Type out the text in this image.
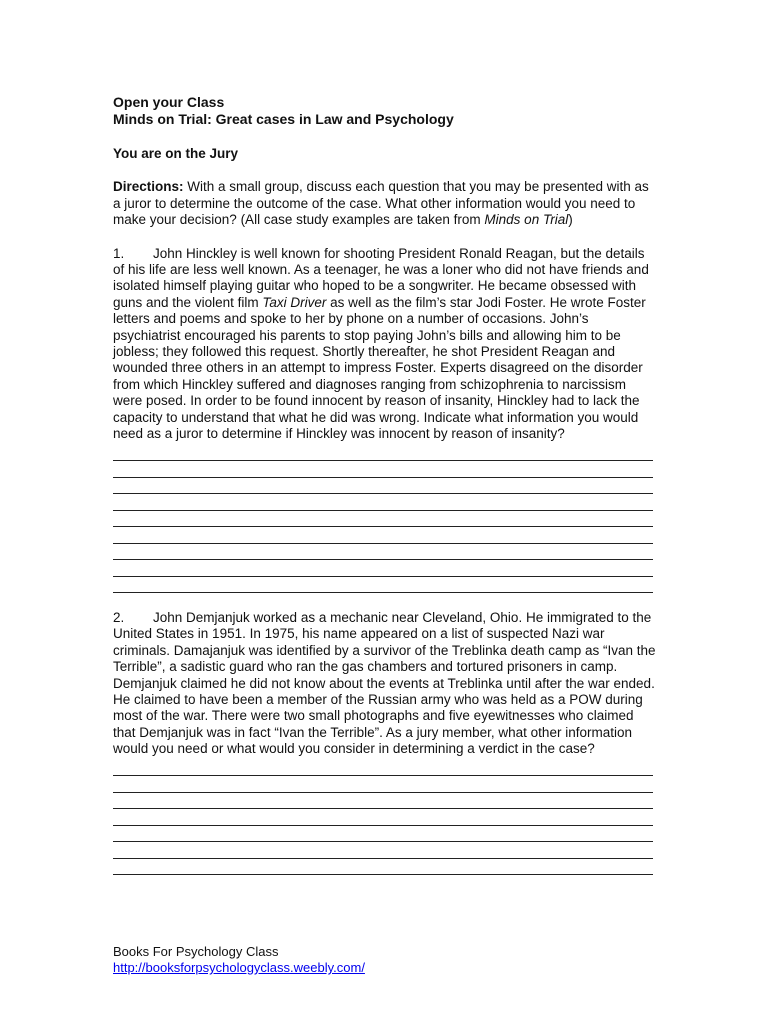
Open your Class
Minds on Trial: Great cases in Law and Psychology
You are on the Jury
Directions: With a small group, discuss each question that you may be presented with as a juror to determine the outcome of the case. What other information would you need to make your decision? (All case study examples are taken from Minds on Trial)
1. John Hinckley is well known for shooting President Ronald Reagan, but the details of his life are less well known. As a teenager, he was a loner who did not have friends and isolated himself playing guitar who hoped to be a songwriter. He became obsessed with guns and the violent film Taxi Driver as well as the film’s star Jodi Foster. He wrote Foster letters and poems and spoke to her by phone on a number of occasions. John’s psychiatrist encouraged his parents to stop paying John’s bills and allowing him to be jobless; they followed this request. Shortly thereafter, he shot President Reagan and wounded three others in an attempt to impress Foster. Experts disagreed on the disorder from which Hinckley suffered and diagnoses ranging from schizophrenia to narcissism were posed. In order to be found innocent by reason of insanity, Hinckley had to lack the capacity to understand that what he did was wrong. Indicate what information you would need as a juror to determine if Hinckley was innocent by reason of insanity?
2. John Demjanjuk worked as a mechanic near Cleveland, Ohio. He immigrated to the United States in 1951. In 1975, his name appeared on a list of suspected Nazi war criminals. Damajanjuk was identified by a survivor of the Treblinka death camp as “Ivan the Terrible”, a sadistic guard who ran the gas chambers and tortured prisoners in camp. Demjanjuk claimed he did not know about the events at Treblinka until after the war ended. He claimed to have been a member of the Russian army who was held as a POW during most of the war. There were two small photographs and five eyewitnesses who claimed that Demjanjuk was in fact “Ivan the Terrible”. As a jury member, what other information would you need or what would you consider in determining a verdict in the case?
Books For Psychology Class
http://booksforpsychologyclass.weebly.com/
